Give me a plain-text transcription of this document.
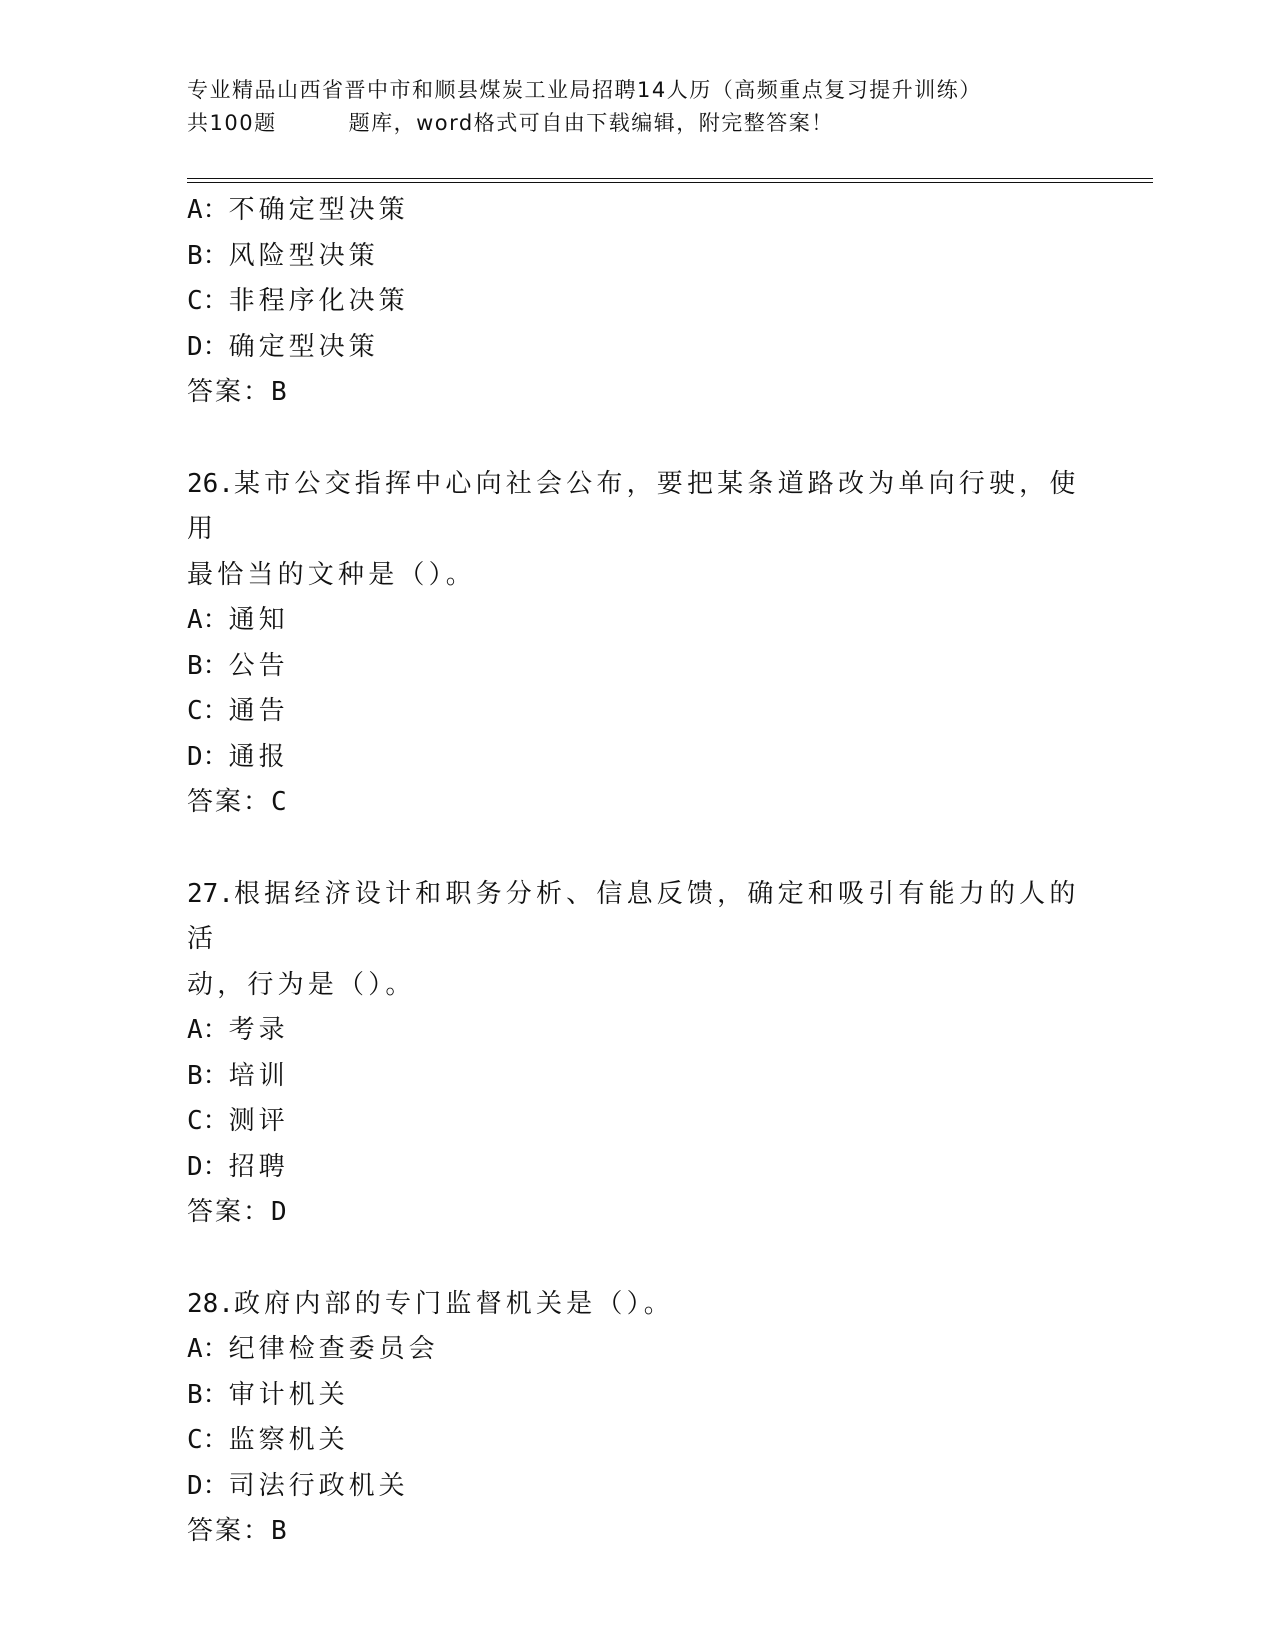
专业精品山西省晋中市和顺县煤炭工业局招聘14人历（高频重点复习提升训练）
共100题	题库，word格式可自由下载编辑，附完整答案！
A：不确定型决策
B：风险型决策
C：非程序化决策
D：确定型决策
答案：B
26.某市公交指挥中心向社会公布，要把某条道路改为单向行驶，使用
最恰当的文种是（）。
A：通知
B：公告
C：通告
D：通报
答案：C
27.根据经济设计和职务分析、信息反馈，确定和吸引有能力的人的活
动，行为是（）。
A：考录
B：培训
C：测评
D：招聘
答案：D
28.政府内部的专门监督机关是（）。
A：纪律检查委员会
B：审计机关
C：监察机关
D：司法行政机关
答案：B
